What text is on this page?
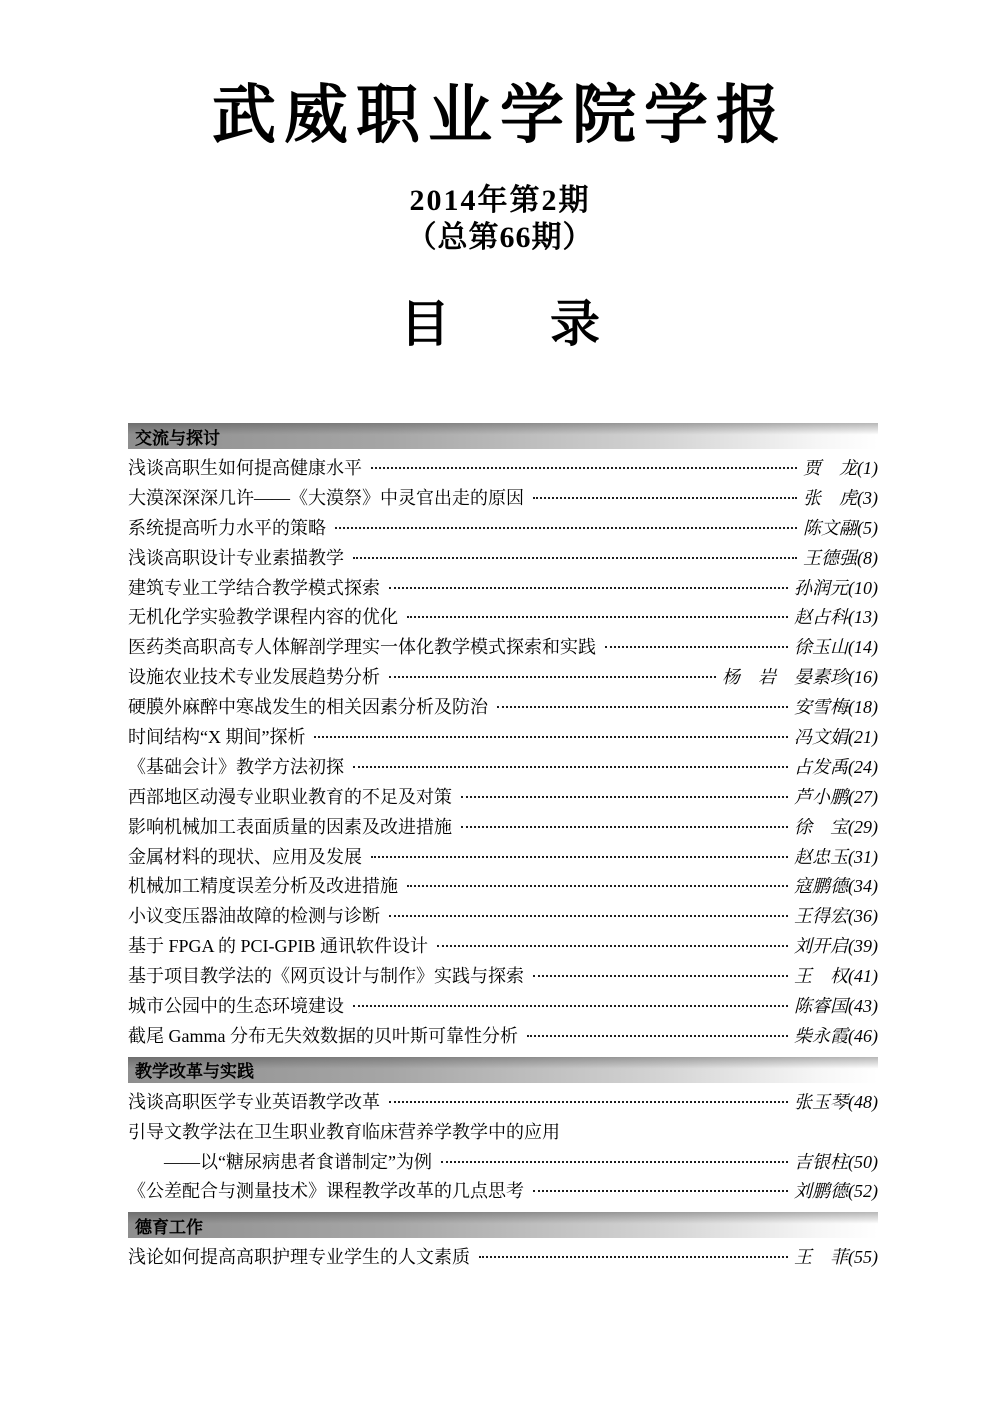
武威职业学院学报
2014年第2期
（总第66期）
目　　录
交流与探讨
浅谈高职生如何提高健康水平	贾　龙(1)
大漠深深深几许——《大漠祭》中灵官出走的原因	张　虎(3)
系统提高听力水平的策略	陈文翮(5)
浅谈高职设计专业素描教学	王德强(8)
建筑专业工学结合教学模式探索	孙润元(10)
无机化学实验教学课程内容的优化	赵占科(13)
医药类高职高专人体解剖学理实一体化教学模式探索和实践	徐玉山(14)
设施农业技术专业发展趋势分析	杨　岩　晏素珍(16)
硬膜外麻醉中寒战发生的相关因素分析及防治	安雪梅(18)
时间结构“X 期间”探析	冯文娟(21)
《基础会计》教学方法初探	占发禹(24)
西部地区动漫专业职业教育的不足及对策	芦小鹏(27)
影响机械加工表面质量的因素及改进措施	徐　宝(29)
金属材料的现状、应用及发展	赵忠玉(31)
机械加工精度误差分析及改进措施	寇鹏德(34)
小议变压器油故障的检测与诊断	王得宏(36)
基于 FPGA 的 PCI-GPIB 通讯软件设计	刘开启(39)
基于项目教学法的《网页设计与制作》实践与探索	王　权(41)
城市公园中的生态环境建设	陈睿国(43)
截尾 Gamma 分布无失效数据的贝叶斯可靠性分析	柴永霞(46)
教学改革与实践
浅谈高职医学专业英语教学改革	张玉琴(48)
引导文教学法在卫生职业教育临床营养学教学中的应用
——以“糖尿病患者食谱制定”为例	吉银柱(50)
《公差配合与测量技术》课程教学改革的几点思考	刘鹏德(52)
德育工作
浅论如何提高高职护理专业学生的人文素质	王　菲(55)
